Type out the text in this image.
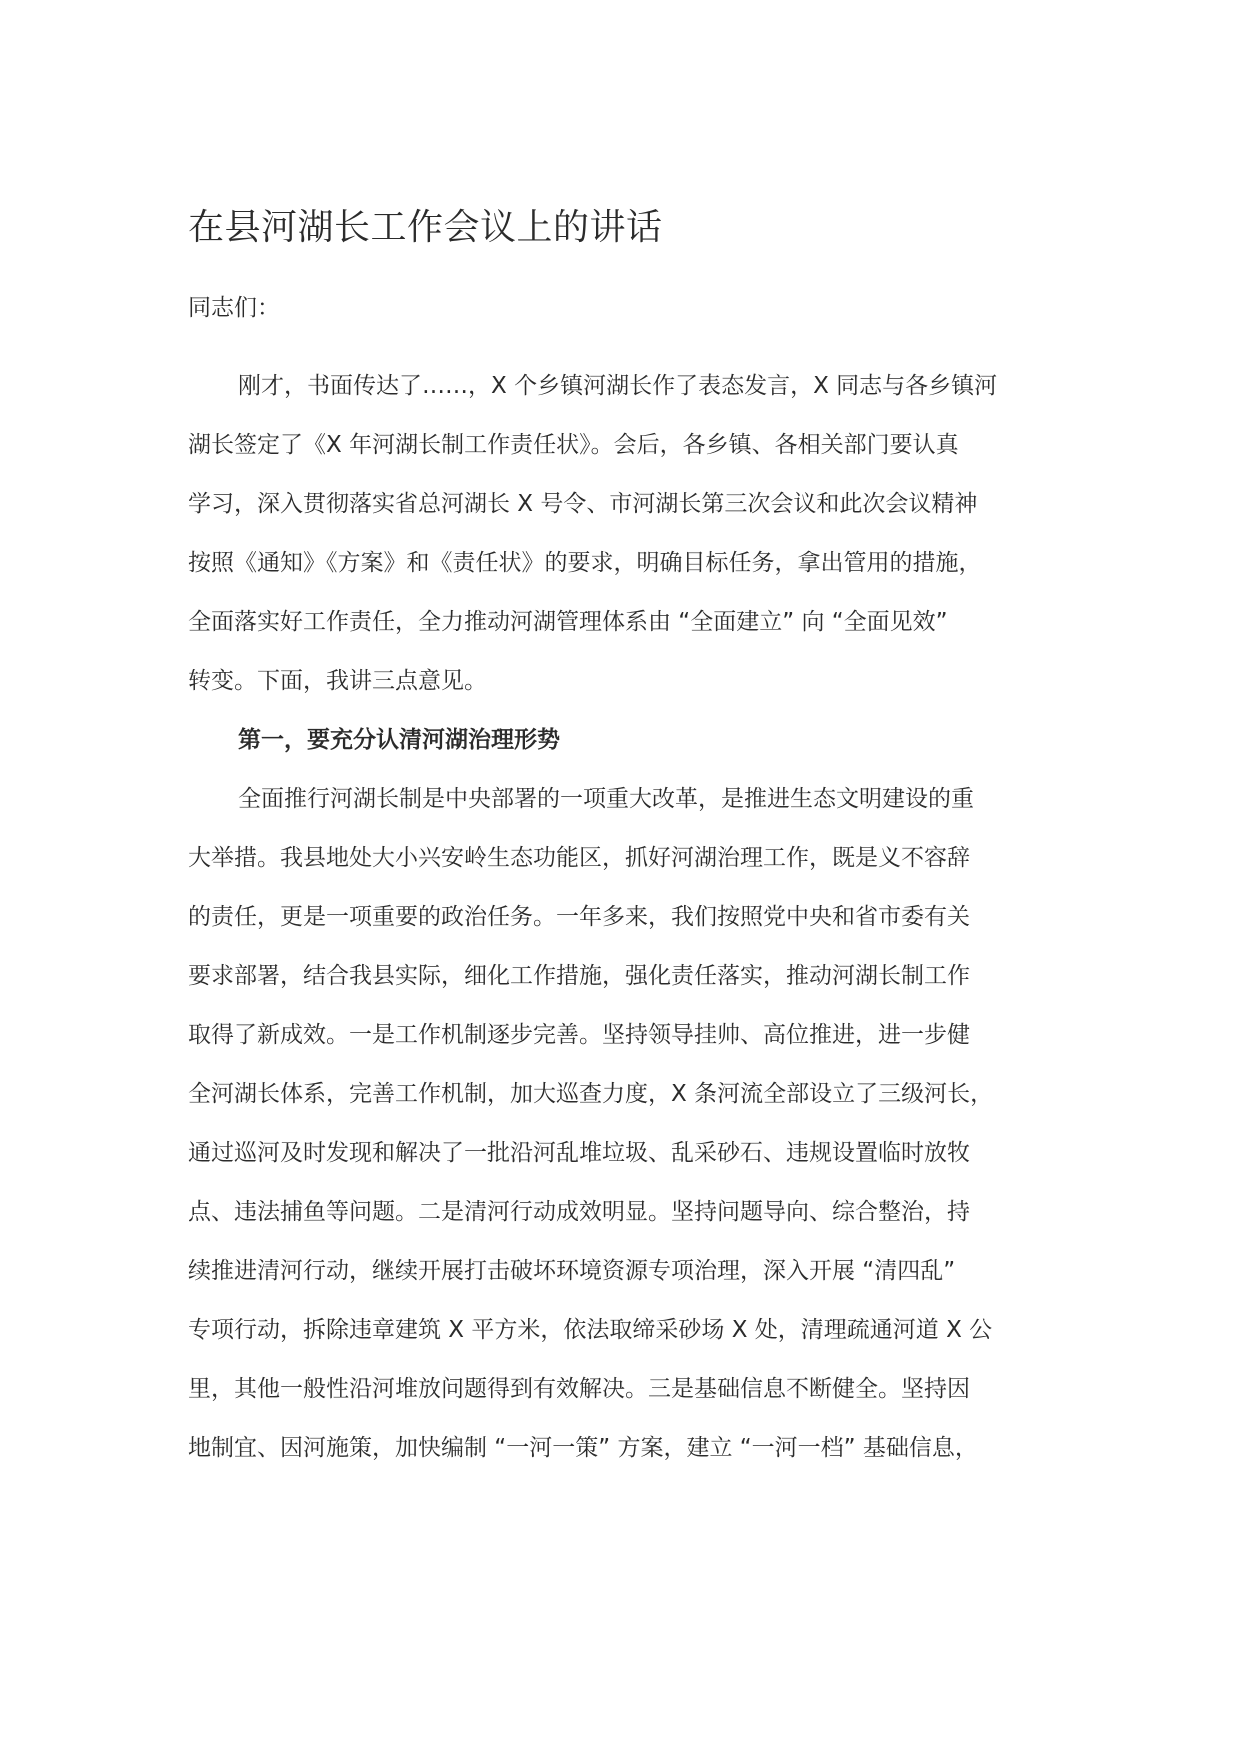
在县河湖长工作会议上的讲话

同志们：

刚才，书面传达了……，X 个乡镇河湖长作了表态发言，X 同志与各乡镇河

湖长签定了《X 年河湖长制工作责任状》。会后，各乡镇、各相关部门要认真

学习，深入贯彻落实省总河湖长 X 号令、市河湖长第三次会议和此次会议精神

按照《通知》《方案》和《责任状》的要求，明确目标任务，拿出管用的措施，

全面落实好工作责任，全力推动河湖管理体系由 “全面建立” 向 “全面见效”

转变。下面，我讲三点意见。

第一，要充分认清河湖治理形势

全面推行河湖长制是中央部署的一项重大改革，是推进生态文明建设的重

大举措。我县地处大小兴安岭生态功能区，抓好河湖治理工作，既是义不容辞

的责任，更是一项重要的政治任务。一年多来，我们按照党中央和省市委有关

要求部署，结合我县实际，细化工作措施，强化责任落实，推动河湖长制工作

取得了新成效。一是工作机制逐步完善。坚持领导挂帅、高位推进，进一步健

全河湖长体系，完善工作机制，加大巡查力度，X 条河流全部设立了三级河长，

通过巡河及时发现和解决了一批沿河乱堆垃圾、乱采砂石、违规设置临时放牧

点、违法捕鱼等问题。二是清河行动成效明显。坚持问题导向、综合整治，持

续推进清河行动，继续开展打击破坏环境资源专项治理，深入开展 “清四乱”

专项行动，拆除违章建筑 X 平方米，依法取缔采砂场 X 处，清理疏通河道 X 公

里，其他一般性沿河堆放问题得到有效解决。三是基础信息不断健全。坚持因

地制宜、因河施策，加快编制 “一河一策” 方案，建立 “一河一档” 基础信息，
